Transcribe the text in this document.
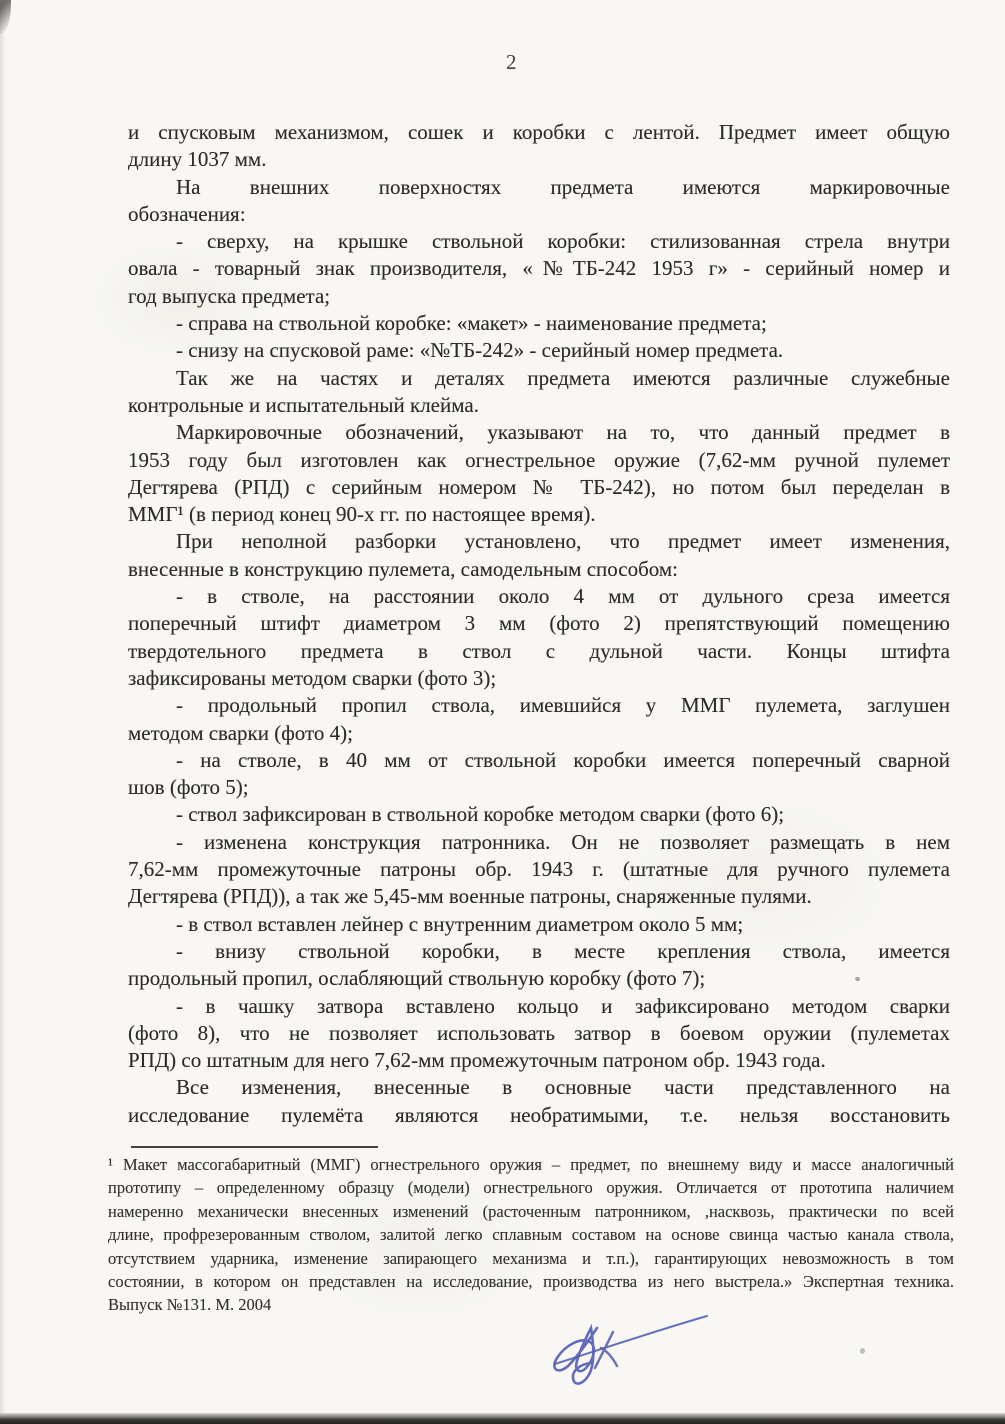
2
и спусковым механизмом, сошек и коробки с лентой. Предмет имеет общую
длину 1037 мм.
На внешних поверхностях предмета имеются маркировочные
обозначения:
- сверху, на крышке ствольной коробки: стилизованная стрела внутри
овала - товарный знак производителя, «№ТБ-242 1953 г» - серийный номер и
год выпуска предмета;
- справа на ствольной коробке: «макет» - наименование предмета;
- снизу на спусковой раме: «№ТБ-242» - серийный номер предмета.
Так же на частях и деталях предмета имеются различные служебные
контрольные и испытательный клейма.
Маркировочные обозначений, указывают на то, что данный предмет в
1953 году был изготовлен как огнестрельное оружие (7,62-мм ручной пулемет
Дегтярева (РПД) с серийным номером № ТБ-242), но потом был переделан в
ММГ¹ (в период конец 90-х гг. по настоящее время).
При неполной разборки установлено, что предмет имеет изменения,
внесенные в конструкцию пулемета, самодельным способом:
- в стволе, на расстоянии около 4 мм от дульного среза имеется
поперечный штифт диаметром 3 мм (фото 2) препятствующий помещению
твердотельного предмета в ствол с дульной части. Концы штифта
зафиксированы методом сварки (фото 3);
- продольный пропил ствола, имевшийся у ММГ пулемета, заглушен
методом сварки (фото 4);
- на стволе, в 40 мм от ствольной коробки имеется поперечный сварной
шов (фото 5);
- ствол зафиксирован в ствольной коробке методом сварки (фото 6);
- изменена конструкция патронника. Он не позволяет размещать в нем
7,62-мм промежуточные патроны обр. 1943 г. (штатные для ручного пулемета
Дегтярева (РПД)), а так же 5,45-мм военные патроны, снаряженные пулями.
- в ствол вставлен лейнер с внутренним диаметром около 5 мм;
- внизу ствольной коробки, в месте крепления ствола, имеется
продольный пропил, ослабляющий ствольную коробку (фото 7);
- в чашку затвора вставлено кольцо и зафиксировано методом сварки
(фото 8), что не позволяет использовать затвор в боевом оружии (пулеметах
РПД) со штатным для него 7,62-мм промежуточным патроном обр. 1943 года.
Все изменения, внесенные в основные части представленного на
исследование пулемёта являются необратимыми, т.е. нельзя восстановить
¹ Макет массогабаритный (ММГ) огнестрельного оружия – предмет, по внешнему виду и массе аналогичный
прототипу – определенному образцу (модели) огнестрельного оружия. Отличается от прототипа наличием
намеренно механически внесенных изменений (расточенным патронником, ,насквозь, практически по всей
длине, профрезерованным стволом, залитой легко сплавным составом на основе свинца частью канала ствола,
отсутствием ударника, изменение запирающего механизма и т.п.), гарантирующих невозможность в том
состоянии, в котором он представлен на исследование, производства из него выстрела.» Экспертная техника.
Выпуск №131. М. 2004
